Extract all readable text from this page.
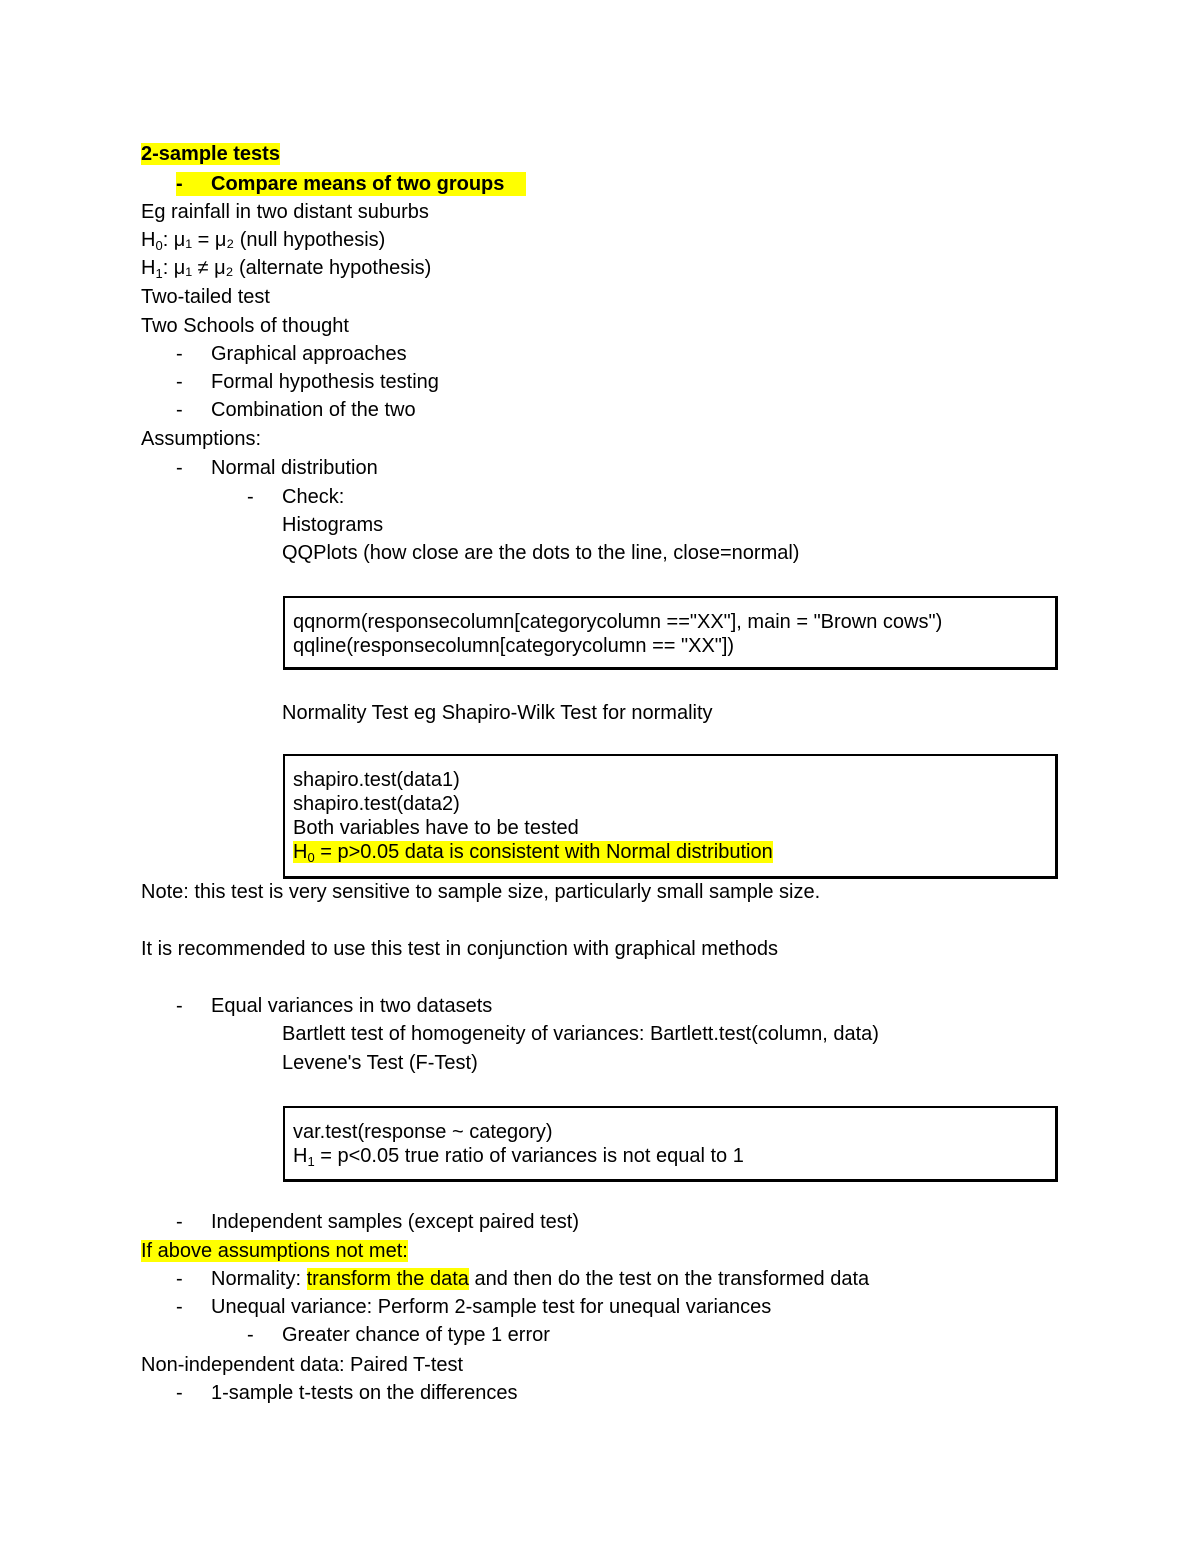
2-sample tests
- Compare means of two groups
Eg rainfall in two distant suburbs
$H_0$: μ₁ = μ₂ (null hypothesis)
$H_1$: μ₁ ≠ μ₂ (alternate hypothesis)
Two-tailed test
Two Schools of thought
- Graphical approaches
- Formal hypothesis testing
- Combination of the two
Assumptions:
- Normal distribution
- Check:
Histograms
QQPlots (how close are the dots to the line, close=normal)
qqnorm(responsecolumn[categorycolumn =="XX"], main = "Brown cows")
qqline(responsecolumn[categorycolumn == "XX"])
Normality Test eg Shapiro-Wilk Test for normality
shapiro.test(data1)
shapiro.test(data2)
Both variables have to be tested
$H_0 = p>0.05$ data is consistent with Normal distribution
Note: this test is very sensitive to sample size, particularly small sample size.
It is recommended to use this test in conjunction with graphical methods
- Equal variances in two datasets
Bartlett test of homogeneity of variances: Bartlett.test(column, data)
Levene's Test (F-Test)
var.test(response ~ category)
$H_1 = p<0.05$ true ratio of variances is not equal to 1
- Independent samples (except paired test)
If above assumptions not met:
- Normality: transform the data and then do the test on the transformed data
- Unequal variance: Perform 2-sample test for unequal variances
- Greater chance of type 1 error
Non-independent data: Paired T-test
- 1-sample t-tests on the differences
